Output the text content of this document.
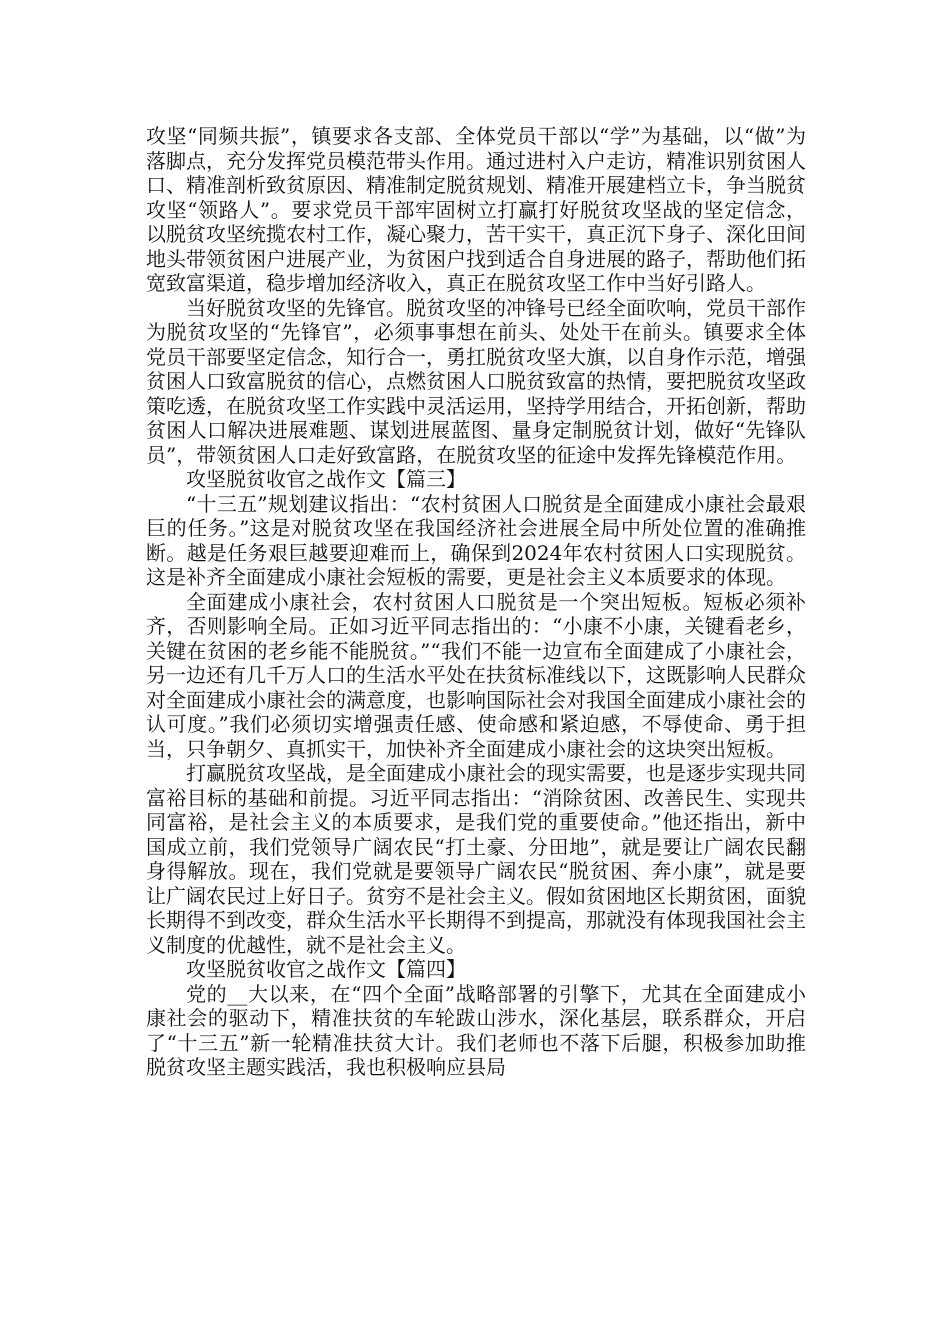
攻坚“同频共振”，镇要求各支部、全体党员干部以“学”为基础，以“做”为落脚点，充分发挥党员模范带头作用。通过进村入户走访，精准识别贫困人口、精准剖析致贫原因、精准制定脱贫规划、精准开展建档立卡，争当脱贫攻坚“领路人”。要求党员干部牢固树立打赢打好脱贫攻坚战的坚定信念，以脱贫攻坚统揽农村工作，凝心聚力，苦干实干，真正沉下身子、深化田间地头带领贫困户进展产业，为贫困户找到适合自身进展的路子，帮助他们拓宽致富渠道，稳步增加经济收入，真正在脱贫攻坚工作中当好引路人。

当好脱贫攻坚的先锋官。脱贫攻坚的冲锋号已经全面吹响，党员干部作为脱贫攻坚的“先锋官”，必须事事想在前头、处处干在前头。镇要求全体党员干部要坚定信念，知行合一，勇扛脱贫攻坚大旗，以自身作示范，增强贫困人口致富脱贫的信心，点燃贫困人口脱贫致富的热情，要把脱贫攻坚政策吃透，在脱贫攻坚工作实践中灵活运用，坚持学用结合，开拓创新，帮助贫困人口解决进展难题、谋划进展蓝图、量身定制脱贫计划，做好“先锋队员”，带领贫困人口走好致富路，在脱贫攻坚的征途中发挥先锋模范作用。

攻坚脱贫收官之战作文【篇三】

“十三五”规划建议指出：“农村贫困人口脱贫是全面建成小康社会最艰巨的任务。”这是对脱贫攻坚在我国经济社会进展全局中所处位置的准确推断。越是任务艰巨越要迎难而上，确保到2024年农村贫困人口实现脱贫。这是补齐全面建成小康社会短板的需要，更是社会主义本质要求的体现。

全面建成小康社会，农村贫困人口脱贫是一个突出短板。短板必须补齐，否则影响全局。正如习近平同志指出的：“小康不小康，关键看老乡，关键在贫困的老乡能不能脱贫。”“我们不能一边宣布全面建成了小康社会，另一边还有几千万人口的生活水平处在扶贫标准线以下，这既影响人民群众对全面建成小康社会的满意度，也影响国际社会对我国全面建成小康社会的认可度。”我们必须切实增强责任感、使命感和紧迫感，不辱使命、勇于担当，只争朝夕、真抓实干，加快补齐全面建成小康社会的这块突出短板。

打赢脱贫攻坚战，是全面建成小康社会的现实需要，也是逐步实现共同富裕目标的基础和前提。习近平同志指出：“消除贫困、改善民生、实现共同富裕，是社会主义的本质要求，是我们党的重要使命。”他还指出，新中国成立前，我们党领导广阔农民“打土豪、分田地”，就是要让广阔农民翻身得解放。现在，我们党就是要领导广阔农民“脱贫困、奔小康”，就是要让广阔农民过上好日子。贫穷不是社会主义。假如贫困地区长期贫困，面貌长期得不到改变，群众生活水平长期得不到提高，那就没有体现我国社会主义制度的优越性，就不是社会主义。

攻坚脱贫收官之战作文【篇四】

党的__大以来，在“四个全面”战略部署的引擎下，尤其在全面建成小康社会的驱动下，精准扶贫的车轮跋山涉水，深化基层，联系群众，开启了“十三五”新一轮精准扶贫大计。我们老师也不落下后腿，积极参加助推脱贫攻坚主题实践活，我也积极响应县局
